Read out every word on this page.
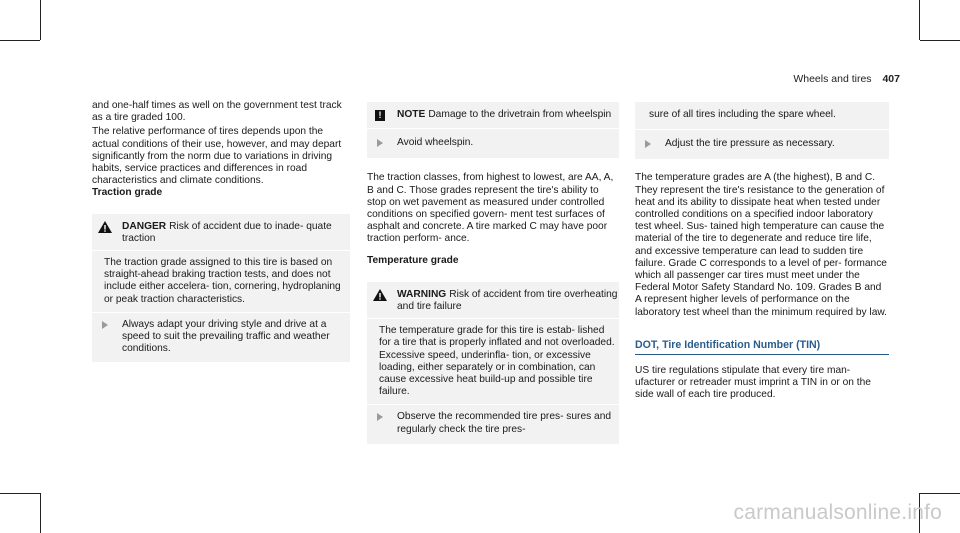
Wheels and tires 407

and one-half times as well on the government test track as a tire graded 100.

The relative performance of tires depends upon the actual conditions of their use, however, and may depart significantly from the norm due to variations in driving habits, service practices and differences in road characteristics and climate conditions.

Traction grade

DANGER Risk of accident due to inade- quate traction
The traction grade assigned to this tire is based on straight-ahead braking traction tests, and does not include either accelera- tion, cornering, hydroplaning or peak traction characteristics.
Always adapt your driving style and drive at a speed to suit the prevailing traffic and weather conditions.
!	NOTE Damage to the drivetrain from wheelspin
Avoid wheelspin.

The traction classes, from highest to lowest, are AA, A, B and C. Those grades represent the tire's ability to stop on wet pavement as measured under controlled conditions on specified govern- ment test surfaces of asphalt and concrete. A tire marked C may have poor traction perform- ance.

Temperature grade

WARNING Risk of accident from tire overheating and tire failure
The temperature grade for this tire is estab- lished for a tire that is properly inflated and not overloaded. Excessive speed, underinfla- tion, or excessive loading, either separately or in combination, can cause excessive heat build-up and possible tire failure.
Observe the recommended tire pres- sures and regularly check the tire pres-
sure of all tires including the spare wheel.
Adjust the tire pressure as necessary.

The temperature grades are A (the highest), B and C. They represent the tire's resistance to the generation of heat and its ability to dissipate heat when tested under controlled conditions on a specified indoor laboratory test wheel. Sus- tained high temperature can cause the material of the tire to degenerate and reduce tire life, and excessive temperature can lead to sudden tire failure. Grade C corresponds to a level of per- formance which all passenger car tires must meet under the Federal Motor Safety Standard No. 109. Grades B and A represent higher levels of performance on the laboratory test wheel than the minimum required by law.

DOT, Tire Identification Number (TIN)

US tire regulations stipulate that every tire man- ufacturer or retreader must imprint a TIN in or on the side wall of each tire produced.

carmanualsonline.info
